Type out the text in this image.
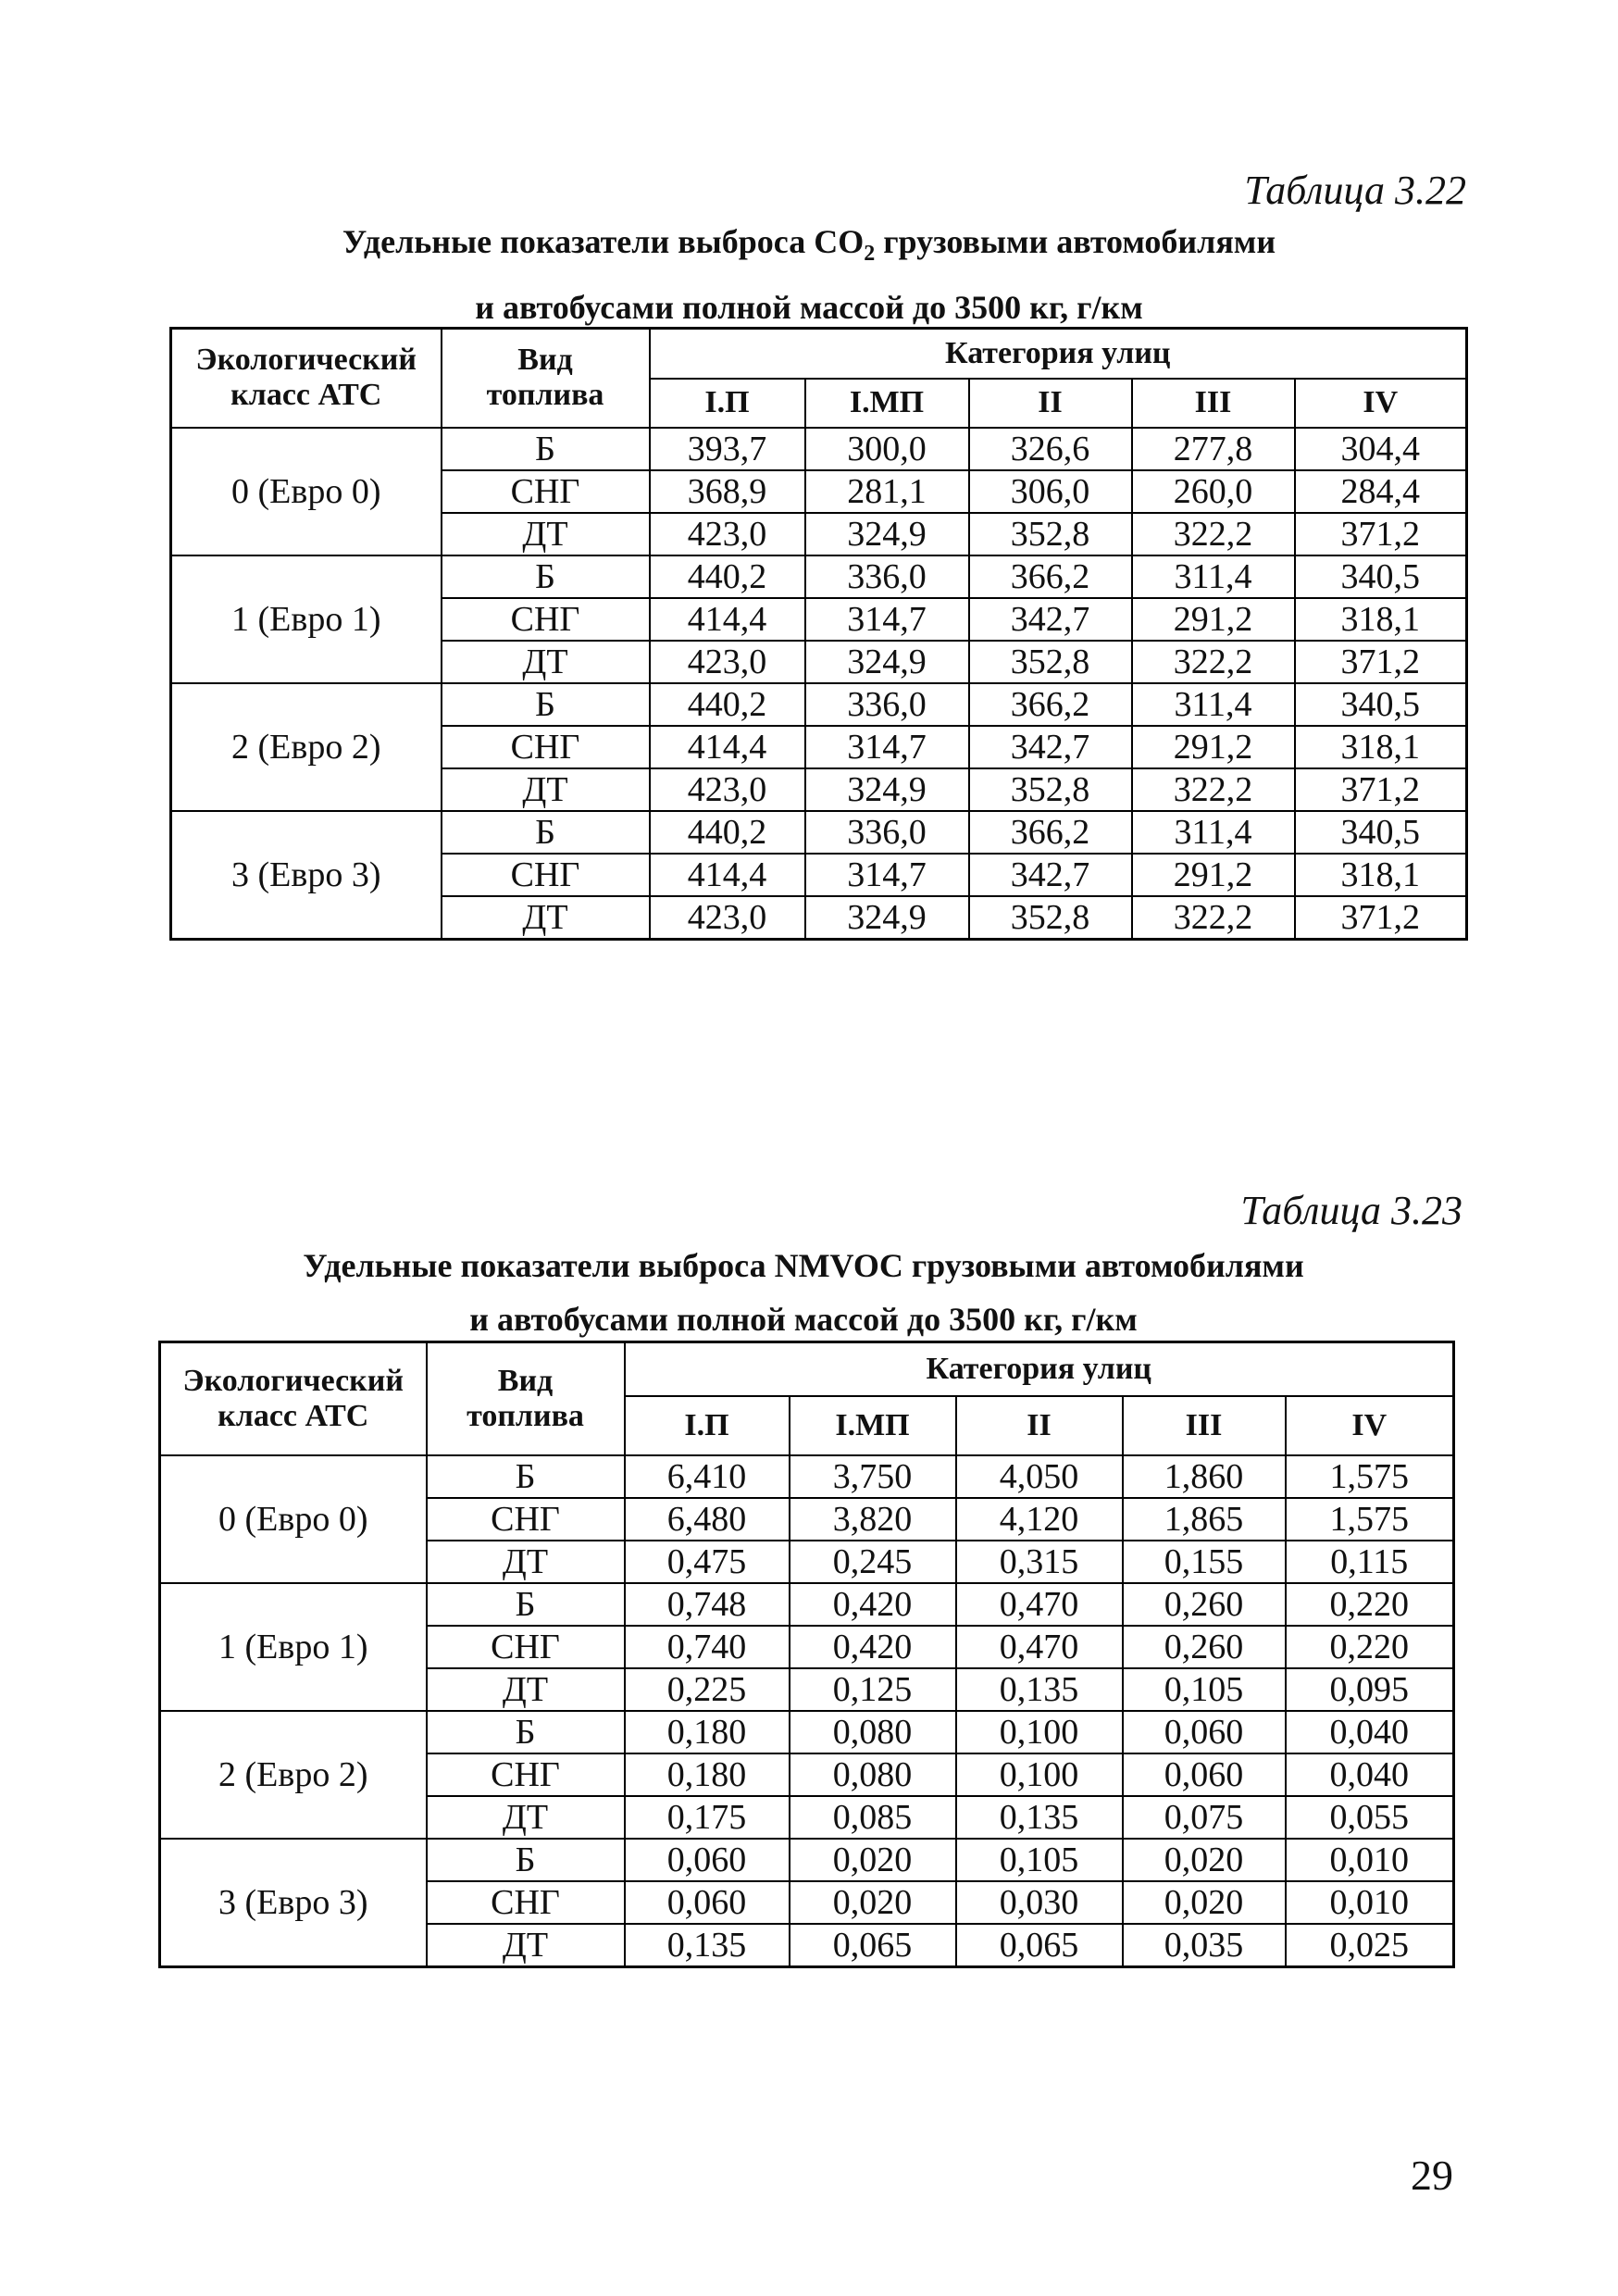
Таблица 3.22
Удельные показатели выброса $CO_2$ грузовыми автомобилями
и автобусами полной массой до 3500 кг, г/км
Экологический
класс АТС	Вид
топлива	Категория улиц				
		I.П	I.МП	II	III	IV
0 (Евро 0)	Б	393,7	300,0	326,6	277,8	304,4
	СНГ	368,9	281,1	306,0	260,0	284,4
	ДТ	423,0	324,9	352,8	322,2	371,2
1 (Евро 1)	Б	440,2	336,0	366,2	311,4	340,5
	СНГ	414,4	314,7	342,7	291,2	318,1
	ДТ	423,0	324,9	352,8	322,2	371,2
2 (Евро 2)	Б	440,2	336,0	366,2	311,4	340,5
	СНГ	414,4	314,7	342,7	291,2	318,1
	ДТ	423,0	324,9	352,8	322,2	371,2
3 (Евро 3)	Б	440,2	336,0	366,2	311,4	340,5
	СНГ	414,4	314,7	342,7	291,2	318,1
	ДТ	423,0	324,9	352,8	322,2	371,2
Таблица 3.23
Удельные показатели выброса NMVOC грузовыми автомобилями
и автобусами полной массой до 3500 кг, г/км
Экологический
класс АТС	Вид
топлива	Категория улиц				
		I.П	I.МП	II	III	IV
0 (Евро 0)	Б	6,410	3,750	4,050	1,860	1,575
	СНГ	6,480	3,820	4,120	1,865	1,575
	ДТ	0,475	0,245	0,315	0,155	0,115
1 (Евро 1)	Б	0,748	0,420	0,470	0,260	0,220
	СНГ	0,740	0,420	0,470	0,260	0,220
	ДТ	0,225	0,125	0,135	0,105	0,095
2 (Евро 2)	Б	0,180	0,080	0,100	0,060	0,040
	СНГ	0,180	0,080	0,100	0,060	0,040
	ДТ	0,175	0,085	0,135	0,075	0,055
3 (Евро 3)	Б	0,060	0,020	0,105	0,020	0,010
	СНГ	0,060	0,020	0,030	0,020	0,010
	ДТ	0,135	0,065	0,065	0,035	0,025
29
